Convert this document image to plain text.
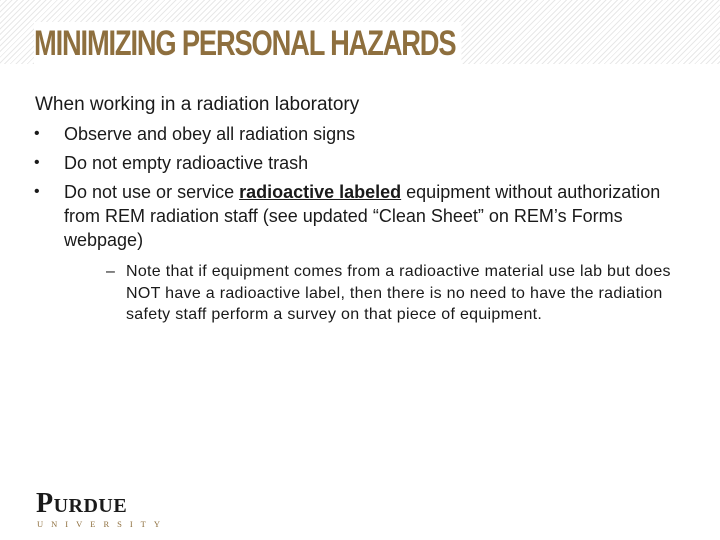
MINIMIZING PERSONAL HAZARDS
When working in a radiation laboratory
• Observe and obey all radiation signs
• Do not empty radioactive trash
• Do not use or service radioactive labeled equipment without authorization from REM radiation staff (see updated “Clean Sheet” on REM’s Forms webpage)
– Note that if equipment comes from a radioactive material use lab but does NOT have a radioactive label, then there is no need to have the radiation safety staff perform a survey on that piece of equipment.
Purdue
UNIVERSITY
